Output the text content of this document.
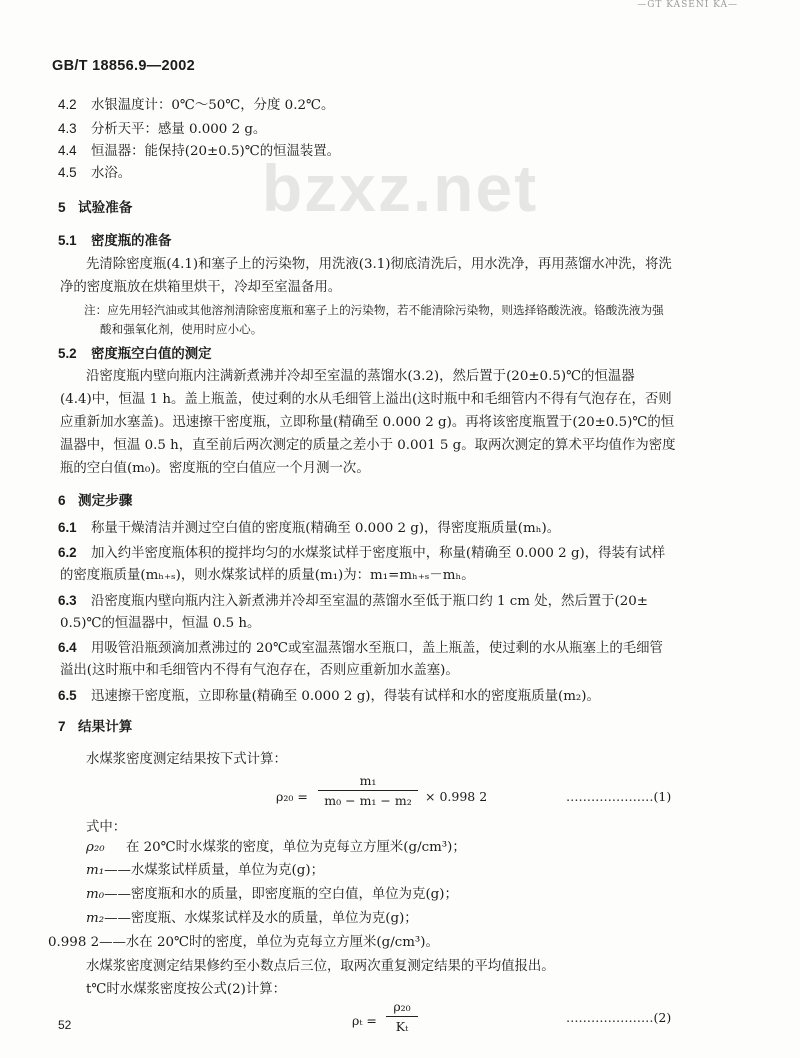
—GT KASÉNI KA—
GB/T 18856.9—2002
bzxz.net
4.2 水银温度计：0℃～50℃，分度 0.2℃。
4.3 分析天平：感量 0.000 2 g。
4.4 恒温器：能保持(20±0.5)℃的恒温装置。
4.5 水浴。
5 试验准备
5.1 密度瓶的准备
先清除密度瓶(4.1)和塞子上的污染物，用洗液(3.1)彻底清洗后，用水洗净，再用蒸馏水冲洗，将洗
净的密度瓶放在烘箱里烘干，冷却至室温备用。
注：应先用轻汽油或其他溶剂清除密度瓶和塞子上的污染物，若不能清除污染物，则选择铬酸洗液。铬酸洗液为强
酸和强氧化剂，使用时应小心。
5.2 密度瓶空白值的测定
沿密度瓶内壁向瓶内注满新煮沸并冷却至室温的蒸馏水(3.2)，然后置于(20±0.5)℃的恒温器
(4.4)中，恒温 1 h。盖上瓶盖，使过剩的水从毛细管上溢出(这时瓶中和毛细管内不得有气泡存在，否则
应重新加水塞盖)。迅速擦干密度瓶，立即称量(精确至 0.000 2 g)。再将该密度瓶置于(20±0.5)℃的恒
温器中，恒温 0.5 h，直至前后两次测定的质量之差小于 0.001 5 g。取两次测定的算术平均值作为密度
瓶的空白值(m₀)。密度瓶的空白值应一个月测一次。
6 测定步骤
6.1 称量干燥清洁并测过空白值的密度瓶(精确至 0.000 2 g)，得密度瓶质量(mₕ)。
6.2 加入约半密度瓶体积的搅拌均匀的水煤浆试样于密度瓶中，称量(精确至 0.000 2 g)，得装有试样
的密度瓶质量(mₕ₊ₛ)，则水煤浆试样的质量(m₁)为：m₁=mₕ₊ₛ－mₕ。
6.3 沿密度瓶内壁向瓶内注入新煮沸并冷却至室温的蒸馏水至低于瓶口约 1 cm 处，然后置于(20±
0.5)℃的恒温器中，恒温 0.5 h。
6.4 用吸管沿瓶颈滴加煮沸过的 20℃或室温蒸馏水至瓶口，盖上瓶盖，使过剩的水从瓶塞上的毛细管
溢出(这时瓶中和毛细管内不得有气泡存在，否则应重新加水盖塞)。
6.5 迅速擦干密度瓶，立即称量(精确至 0.000 2 g)，得装有试样和水的密度瓶质量(m₂)。
7 结果计算
水煤浆密度测定结果按下式计算：
ρ₂₀ =
m₁
m₀ − m₁ − m₂	× 0.998 2	…………………(1)
式中：
ρ₂₀ 在 20℃时水煤浆的密度，单位为克每立方厘米(g/cm³)；
m₁——水煤浆试样质量，单位为克(g)；
m₀——密度瓶和水的质量，即密度瓶的空白值，单位为克(g)；
m₂——密度瓶、水煤浆试样及水的质量，单位为克(g)；
0.998 2——水在 20℃时的密度，单位为克每立方厘米(g/cm³)。
水煤浆密度测定结果修约至小数点后三位，取两次重复测定结果的平均值报出。
t℃时水煤浆密度按公式(2)计算：
ρₜ =
ρ₂₀
Kₜ
…………………(2)
52
